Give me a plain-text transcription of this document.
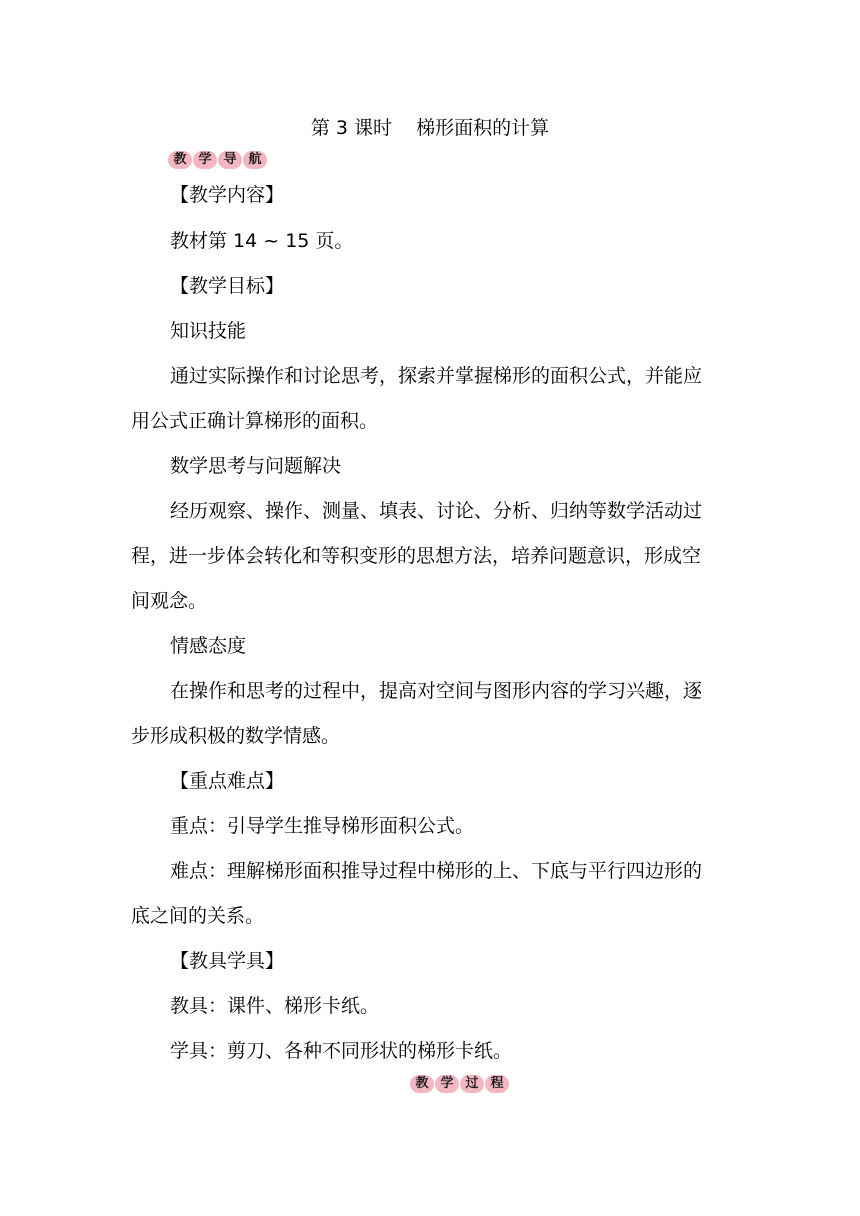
第 3 课时    梯形面积的计算
教 学 导 航
【教学内容】
教材第 14 ~ 15 页。
【教学目标】
知识技能
通过实际操作和讨论思考，探索并掌握梯形的面积公式，并能应
用公式正确计算梯形的面积。
数学思考与问题解决
经历观察、操作、测量、填表、讨论、分析、归纳等数学活动过
程，进一步体会转化和等积变形的思想方法，培养问题意识，形成空
间观念。
情感态度
在操作和思考的过程中，提高对空间与图形内容的学习兴趣，逐
步形成积极的数学情感。
【重点难点】
重点：引导学生推导梯形面积公式。
难点：理解梯形面积推导过程中梯形的上、下底与平行四边形的
底之间的关系。
【教具学具】
教具：课件、梯形卡纸。
学具：剪刀、各种不同形状的梯形卡纸。
教 学 过 程
